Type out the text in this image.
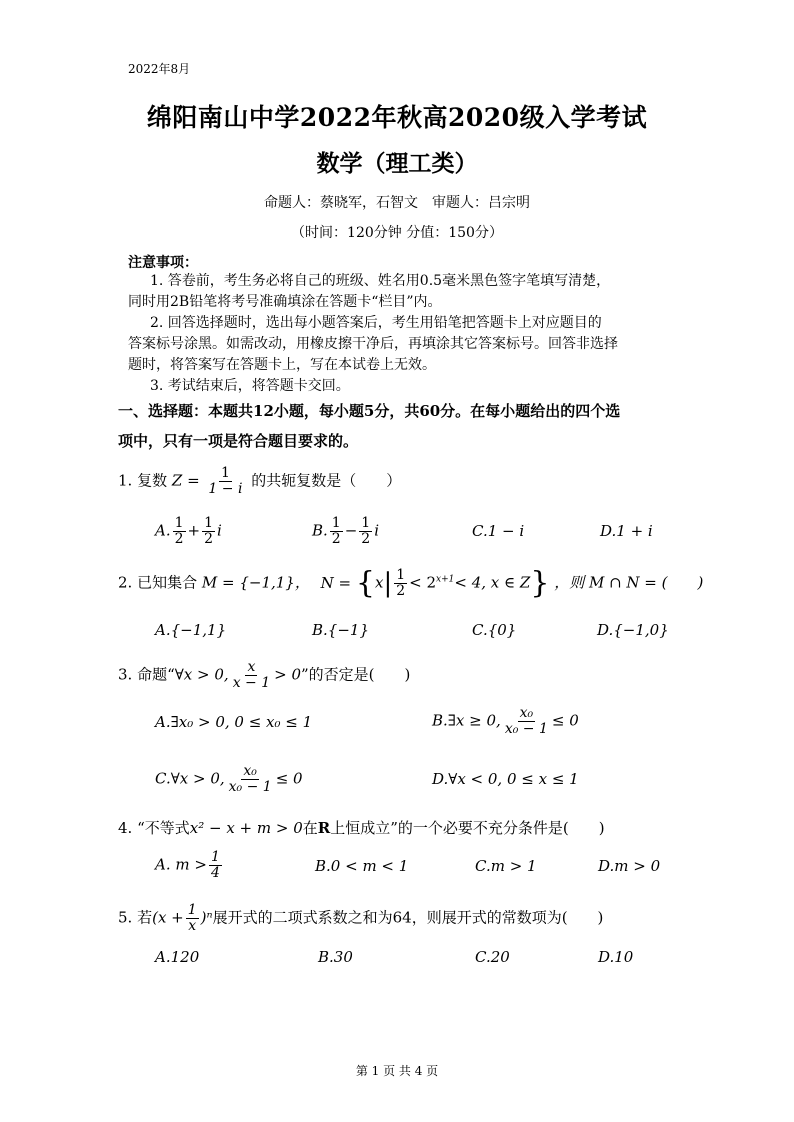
2022年8月
绵阳南山中学2022年秋高2020级入学考试
数学（理工类）
命题人：蔡晓军，石智文　审题人：吕宗明
（时间：120分钟 分值：150分）
注意事项：
1. 答卷前，考生务必将自己的班级、姓名用0.5毫米黑色签字笔填写清楚，
同时用2B铅笔将考号准确填涂在答题卡“栏目”内。
2. 回答选择题时，选出每小题答案后，考生用铅笔把答题卡上对应题目的
答案标号涂黑。如需改动，用橡皮擦干净后，再填涂其它答案标号。回答非选择
题时，将答案写在答题卡上，写在本试卷上无效。
3. 考试结束后，将答题卡交回。
一、选择题：本题共12小题，每小题5分，共60分。在每小题给出的四个选
项中，只有一项是符合题目要求的。
1. 复数 $Z = \frac{1}{1 - i}$ 的共轭复数是（　　）
A. $\frac{1}{2} + \frac{1}{2}$ i	B. $\frac{1}{2} - \frac{1}{2}$ i	C.1 − i	D.1 + i
2. 已知集合 M = {−1,1}， $N = \{x| \frac{1}{2} < 2^{x+1}< 4$, x ∈ Z} ，则 M ∩ N = (　　)
A.{−1,1}	B.{−1}	C.{0}	D.{−1,0}
3. 命题“∀x > 0, $\frac{x}{x - 1} > 0$”的否定是(　　)
A.∃x₀ > 0, 0 ≤ x₀ ≤ 1	B.∃x ≥ 0, $\frac{\text{x₀}}{\text{x₀ − 1}} \le 0$
C.∀x > 0, $\frac{\text{x₀}}{\text{x₀ − 1}} \le 0$	D.∀x < 0, 0 ≤ x ≤ 1
4. “不等式x² − x + m > 0在R上恒成立”的一个必要不充分条件是(　　)
A. $m > \frac{1}{4}$	B.0 < m < 1	C.m > 1	D.m > 0
5. 若$(x + \frac{1}{x} )^n$展开式的二项式系数之和为64，则展开式的常数项为(　　)
A.120	B.30	C.20	D.10
第 1 页 共 4 页
